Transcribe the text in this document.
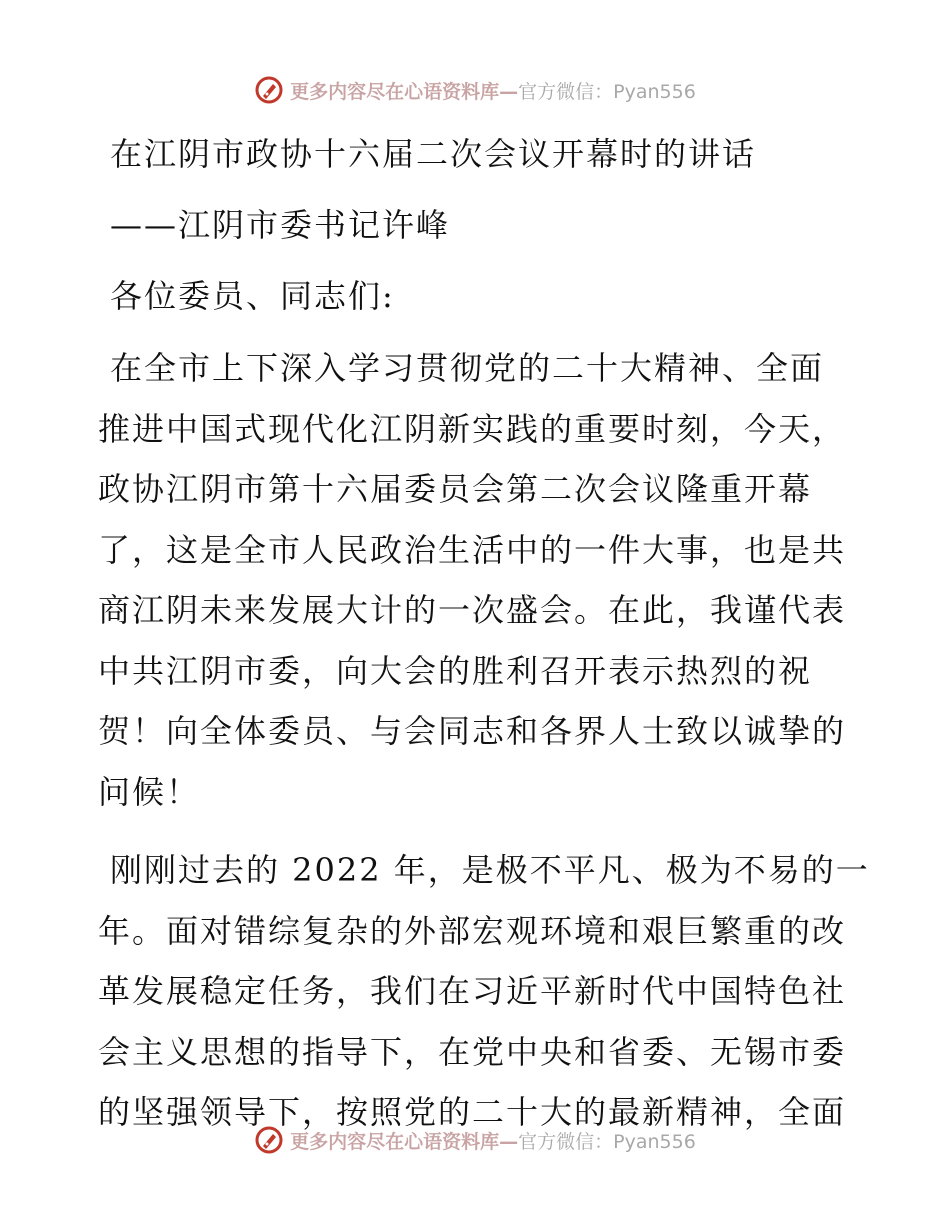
更多内容尽在心语资料库—官方微信：Pyan556

在江阴市政协十六届二次会议开幕时的讲话

——江阴市委书记许峰

各位委员、同志们:

在全市上下深入学习贯彻党的二十大精神、全面

推进中国式现代化江阴新实践的重要时刻，今天，

政协江阴市第十六届委员会第二次会议隆重开幕

了，这是全市人民政治生活中的一件大事，也是共

商江阴未来发展大计的一次盛会。在此，我谨代表

中共江阴市委，向大会的胜利召开表示热烈的祝

贺！向全体委员、与会同志和各界人士致以诚挚的

问候！

刚刚过去的 2022 年，是极不平凡、极为不易的一

年。面对错综复杂的外部宏观环境和艰巨繁重的改

革发展稳定任务，我们在习近平新时代中国特色社

会主义思想的指导下，在党中央和省委、无锡市委

的坚强领导下，按照党的二十大的最新精神，全面

更多内容尽在心语资料库—官方微信：Pyan556
